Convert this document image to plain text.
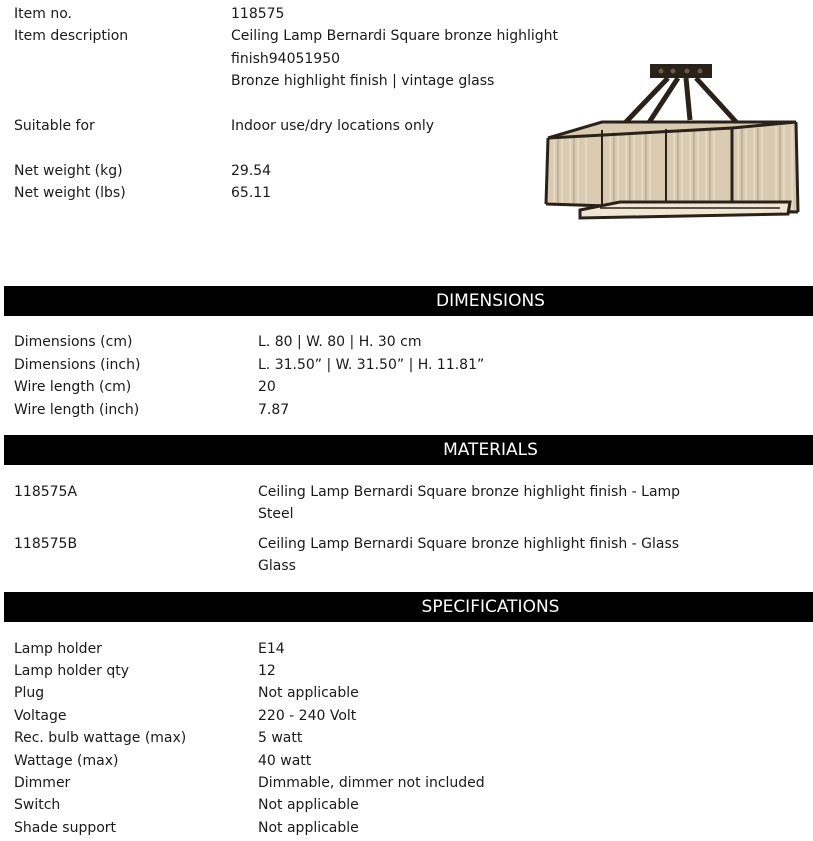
Item no.	118575
Item description	Ceiling Lamp Bernardi Square bronze highlight
finish94051950
Bronze highlight finish | vintage glass
Suitable for	Indoor use/dry locations only
Net weight (kg)	29.54
Net weight (lbs)	65.11
DIMENSIONS
Dimensions (cm)	L. 80 | W. 80 | H. 30 cm
Dimensions (inch)	L. 31.50” | W. 31.50” | H. 11.81”
Wire length (cm)	20
Wire length (inch)	7.87
MATERIALS
118575A	Ceiling Lamp Bernardi Square bronze highlight finish - Lamp
Steel
118575B	Ceiling Lamp Bernardi Square bronze highlight finish - Glass
Glass
SPECIFICATIONS
Lamp holder	E14
Lamp holder qty	12
Plug	Not applicable
Voltage	220 - 240 Volt
Rec. bulb wattage (max)	5 watt
Wattage (max)	40 watt
Dimmer	Dimmable, dimmer not included
Switch	Not applicable
Shade support	Not applicable
